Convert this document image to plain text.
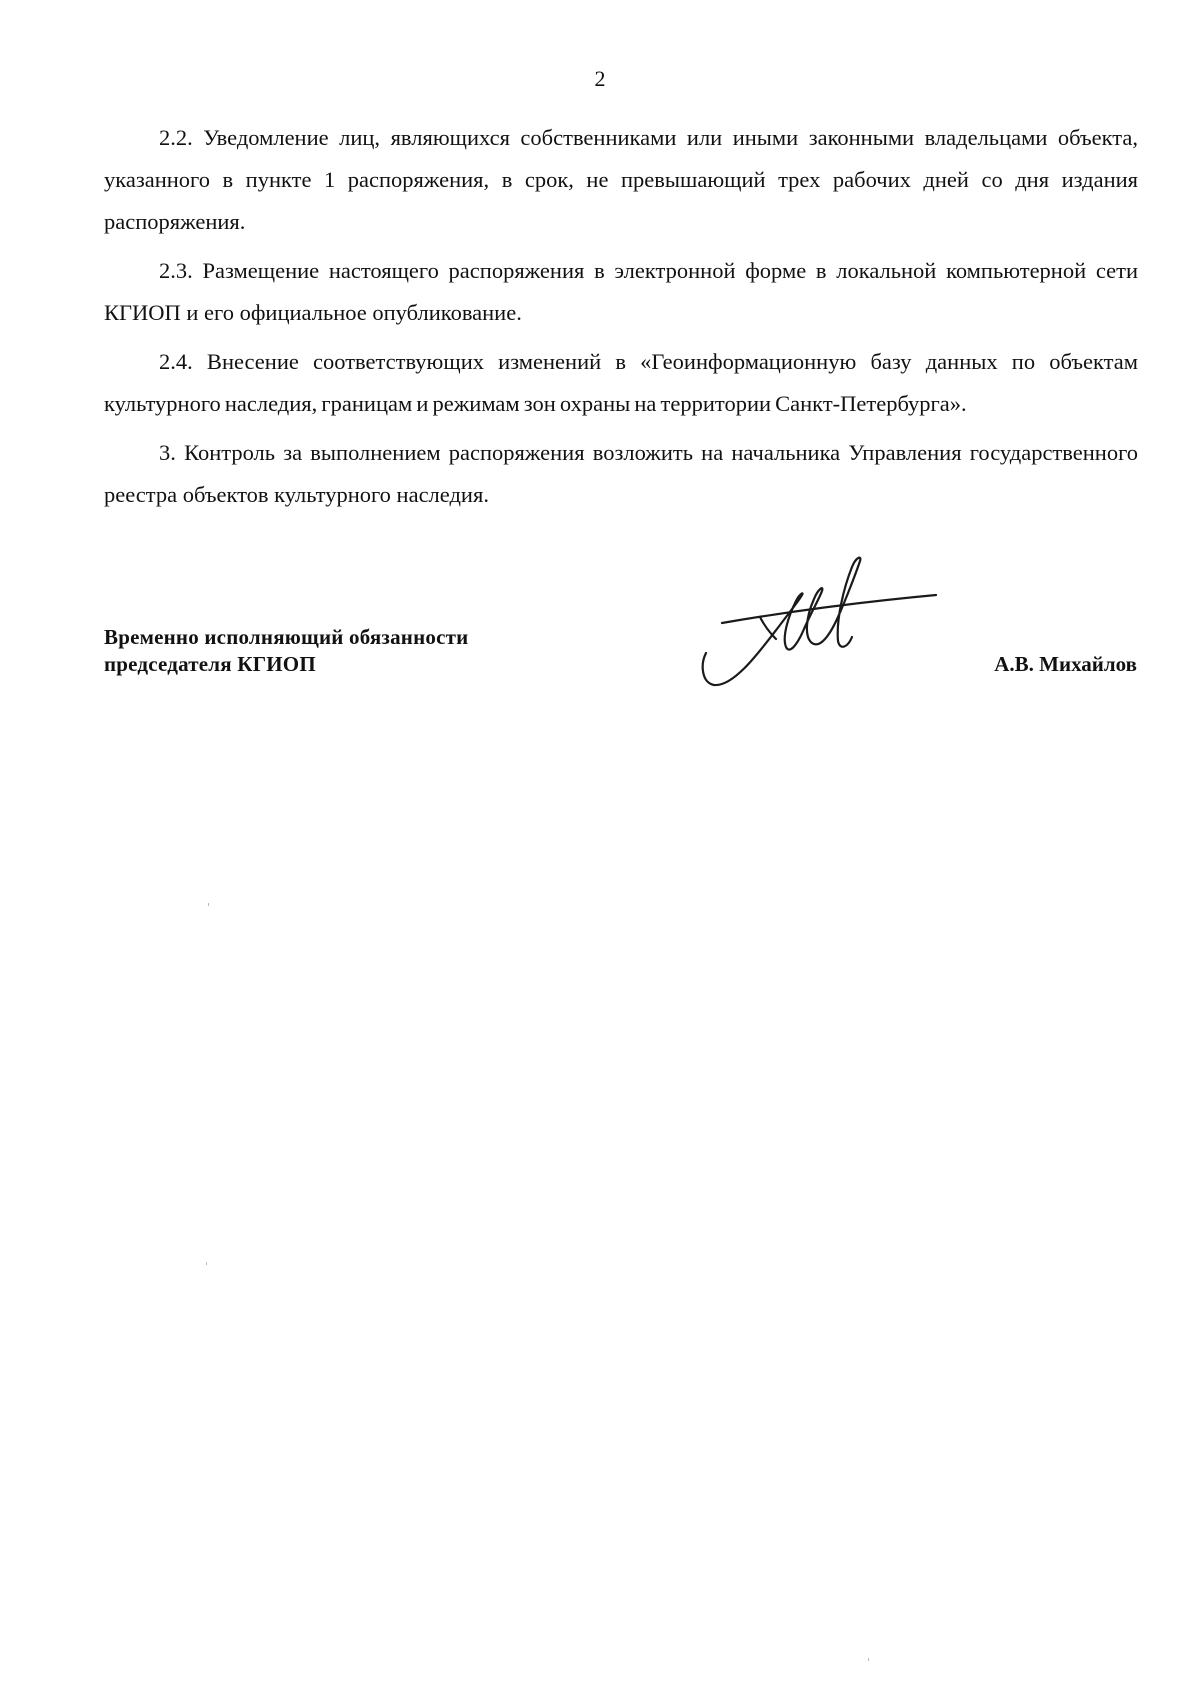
2

2.2. Уведомление лиц, являющихся собственниками или иными законными владельцами объекта, указанного в пункте 1 распоряжения, в срок, не превышающий трех рабочих дней со дня издания распоряжения.

2.3. Размещение настоящего распоряжения в электронной форме в локальной компьютерной сети КГИОП и его официальное опубликование.

2.4. Внесение соответствующих изменений в «Геоинформационную базу данных по объектам культурного наследия, границам и режимам зон охраны на территории Санкт-Петербурга».

3. Контроль за выполнением распоряжения возложить на начальника Управления государственного реестра объектов культурного наследия.

Временно исполняющий обязанности
председателя КГИОП	А.В. Михайлов
